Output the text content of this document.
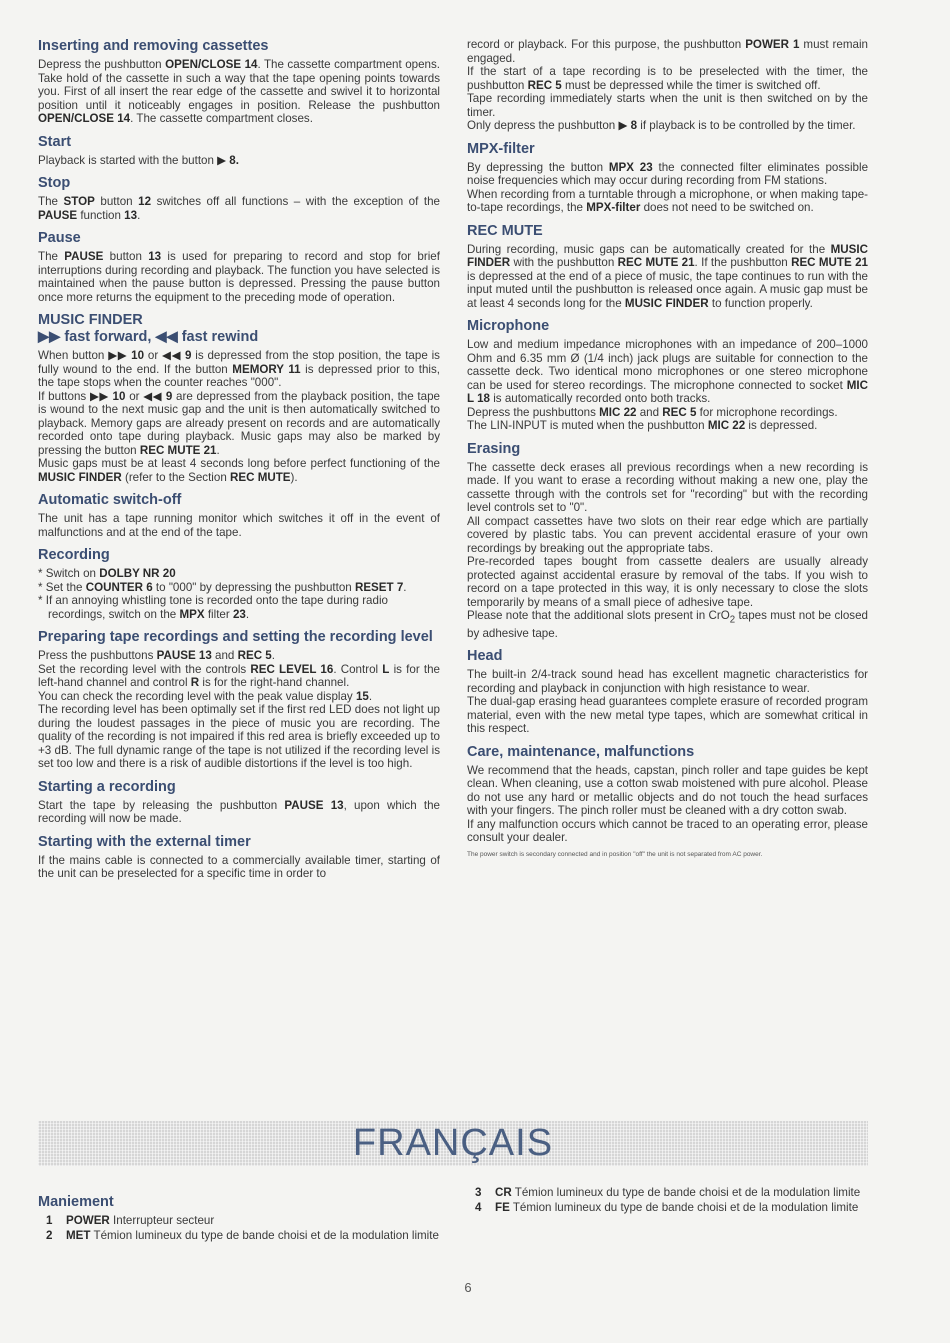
Inserting and removing cassettes

Depress the pushbutton OPEN/CLOSE 14. The cassette compartment opens. Take hold of the cassette in such a way that the tape opening points towards you. First of all insert the rear edge of the cassette and swivel it to horizontal position until it noticeably engages in position. Release the pushbutton OPEN/CLOSE 14. The cassette compartment closes.

Start

Playback is started with the button ▶ 8.

Stop

The STOP button 12 switches off all functions – with the exception of the PAUSE function 13.

Pause

The PAUSE button 13 is used for preparing to record and stop for brief interruptions during recording and playback. The function you have selected is maintained when the pause button is depressed. Pressing the pause button once more returns the equipment to the preceding mode of operation.

MUSIC FINDER
▶▶ fast forward, ◀◀ fast rewind

When button ▶▶ 10 or ◀◀ 9 is depressed from the stop position, the tape is fully wound to the end. If the button MEMORY 11 is depressed prior to this, the tape stops when the counter reaches "000".

If buttons ▶▶ 10 or ◀◀ 9 are depressed from the playback position, the tape is wound to the next music gap and the unit is then automatically switched to playback. Memory gaps are already present on records and are automatically recorded onto tape during playback. Music gaps may also be marked by pressing the button REC MUTE 21.

Music gaps must be at least 4 seconds long before perfect functioning of the MUSIC FINDER (refer to the Section REC MUTE).

Automatic switch-off

The unit has a tape running monitor which switches it off in the event of malfunctions and at the end of the tape.

Recording
* Switch on DOLBY NR 20
* Set the COUNTER 6 to "000" by depressing the pushbutton RESET 7.
* If an annoying whistling tone is recorded onto the tape during radio recordings, switch on the MPX filter 23.
Preparing tape recordings and setting the recording level

Press the pushbuttons PAUSE 13 and REC 5.

Set the recording level with the controls REC LEVEL 16. Control L is for the left-hand channel and control R is for the right-hand channel.

You can check the recording level with the peak value display 15.

The recording level has been optimally set if the first red LED does not light up during the loudest passages in the piece of music you are recording. The quality of the recording is not impaired if this red area is briefly exceeded up to +3 dB. The full dynamic range of the tape is not utilized if the recording level is set too low and there is a risk of audible distortions if the level is too high.

Starting a recording

Start the tape by releasing the pushbutton PAUSE 13, upon which the recording will now be made.

Starting with the external timer

If the mains cable is connected to a commercially available timer, starting of the unit can be preselected for a specific time in order to

record or playback. For this purpose, the pushbutton POWER 1 must remain engaged.

If the start of a tape recording is to be preselected with the timer, the pushbutton REC 5 must be depressed while the timer is switched off.

Tape recording immediately starts when the unit is then switched on by the timer.

Only depress the pushbutton ▶ 8 if playback is to be controlled by the timer.

MPX-filter

By depressing the button MPX 23 the connected filter eliminates possible noise frequencies which may occur during recording from FM stations.

When recording from a turntable through a microphone, or when making tape-to-tape recordings, the MPX-filter does not need to be switched on.

REC MUTE

During recording, music gaps can be automatically created for the MUSIC FINDER with the pushbutton REC MUTE 21. If the pushbutton REC MUTE 21 is depressed at the end of a piece of music, the tape continues to run with the input muted until the pushbutton is released once again. A music gap must be at least 4 seconds long for the MUSIC FINDER to function properly.

Microphone

Low and medium impedance microphones with an impedance of 200–1000 Ohm and 6.35 mm Ø (1/4 inch) jack plugs are suitable for connection to the cassette deck. Two identical mono microphones or one stereo microphone can be used for stereo recordings. The microphone connected to socket MIC L 18 is automatically recorded onto both tracks.

Depress the pushbuttons MIC 22 and REC 5 for microphone recordings.

The LIN-INPUT is muted when the pushbutton MIC 22 is depressed.

Erasing

The cassette deck erases all previous recordings when a new recording is made. If you want to erase a recording without making a new one, play the cassette through with the controls set for "recording" but with the recording level controls set to "0".

All compact cassettes have two slots on their rear edge which are partially covered by plastic tabs. You can prevent accidental erasure of your own recordings by breaking out the appropriate tabs.

Pre-recorded tapes bought from cassette dealers are usually already protected against accidental erasure by removal of the tabs. If you wish to record on a tape protected in this way, it is only necessary to close the slots temporarily by means of a small piece of adhesive tape.

Please note that the additional slots present in CrO$_2$ tapes must not be closed by adhesive tape.

Head

The built-in 2/4-track sound head has excellent magnetic characteristics for recording and playback in conjunction with high resistance to wear.

The dual-gap erasing head guarantees complete erasure of recorded program material, even with the new metal type tapes, which are somewhat critical in this respect.

Care, maintenance, malfunctions

We recommend that the heads, capstan, pinch roller and tape guides be kept clean. When cleaning, use a cotton swab moistened with pure alcohol. Please do not use any hard or metallic objects and do not touch the head surfaces with your fingers. The pinch roller must be cleaned with a dry cotton swab.

If any malfunction occurs which cannot be traced to an operating error, please consult your dealer.

The power switch is secondary connected and in position "off" the unit is not separated from AC power.

FRANÇAIS
Maniement
1 POWER Interrupteur secteur
2 MET Témion lumineux du type de bande choisi et de la modulation limite
3 CR Témion lumineux du type de bande choisi et de la modulation limite
4 FE Témion lumineux du type de bande choisi et de la modulation limite
6
